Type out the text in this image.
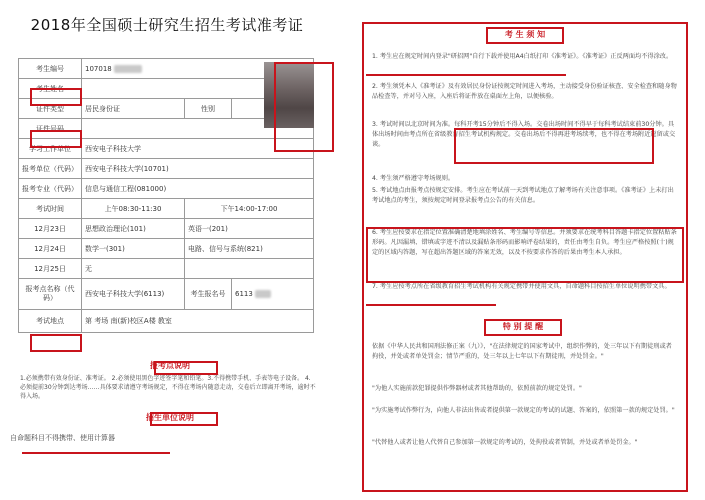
2018年全国硕士研究生招生考试准考证
考生编号	107018		
考生姓名			
证件类型	居民身份证	性别	
证件号码			
学习工作单位	西安电子科技大学		
报考单位（代码）	西安电子科技大学(10701)		
报考专业（代码）	信息与通信工程(081000)		
考试时间	上午08:30-11:30	下午14:00-17:00	
12月23日	思想政治理论(101)	英语一(201)	
12月24日	数学一(301)	电路、信号与系统(821)	
12月25日	无		
报考点名称（代码）	西安电子科技大学(6113)	考生报名号	6113
考试地点	第 考场 南(新)校区A楼 教室		
报考点说明
1.必须携带有效身份证、准考证。 2.必须使用黑色字迹签字笔和铅笔。3.不得携带手机、手表等电子设备。 4.必须提前30分钟到达考场……具体要求请遵守考场规定，不得在考场内随意走动，交卷后立即离开考场，逾时不得入场。
招生单位说明
自命题科目不得携带、使用计算器
考 生 须 知
1. 考生应在规定时间内登录"研招网"自行下载并使用A4白纸打印《准考证》。《准考证》正反两面均不得涂改。
2. 考生须凭本人《准考证》及有效居民身份证按规定时间进入考场，主动接受身份验证核查、安全检查和随身物品检查等，并对号入座，入座后将证件放在桌面左上角，以便核验。
3. 考试时间以北京时间为准。每科开考15分钟后不得入场。交卷出场时间不得早于每科考试结束前30分钟。具体出场时间由考点所在省级教育招生考试机构规定。交卷出场后不得再进考场续考，也不得在考场附近逗留或交谈。
4. 考生须严格遵守考场规则。
5. 考试地点由报考点按规定安排。考生应在考试前一天到考试地点了解考场有关注意事项。《准考证》上未打出考试地点的考生，须按规定时间登录报考点公告的有关信息。
6. 考生应按要求在指定位置准确清楚地填涂姓名、考生编号等信息。并须要求在统考科目答题卡指定位置粘贴条形码。凡因漏填、错填或字迹不清以及漏贴条形码而影响评卷结果的，责任由考生自负。考生应严格按照(十)规定的区域内答题，写在超出答题区域的答案无效，以及不按要求作答的后果由考生本人承担。
7. 考生应按考点所在省级教育招生考试机构有关规定携带并使用文具，自命题科目按招生单位说明携带文具。
特 别 提 醒
依据《中华人民共和国刑法修正案（九）》，"在法律规定的国家考试中，组织作弊的，处三年以下有期徒刑或者拘役，并处或者单处罚金；情节严重的，处三年以上七年以下有期徒刑，并处罚金。"
"为他人实施前款犯罪提供作弊器材或者其他帮助的，依照前款的规定处罚。"
"为实施考试作弊行为，向他人非法出售或者提供第一款规定的考试的试题、答案的，依照第一款的规定处罚。"
"代替他人或者让他人代替自己参加第一款规定的考试的，处拘役或者管制，并处或者单处罚金。"
